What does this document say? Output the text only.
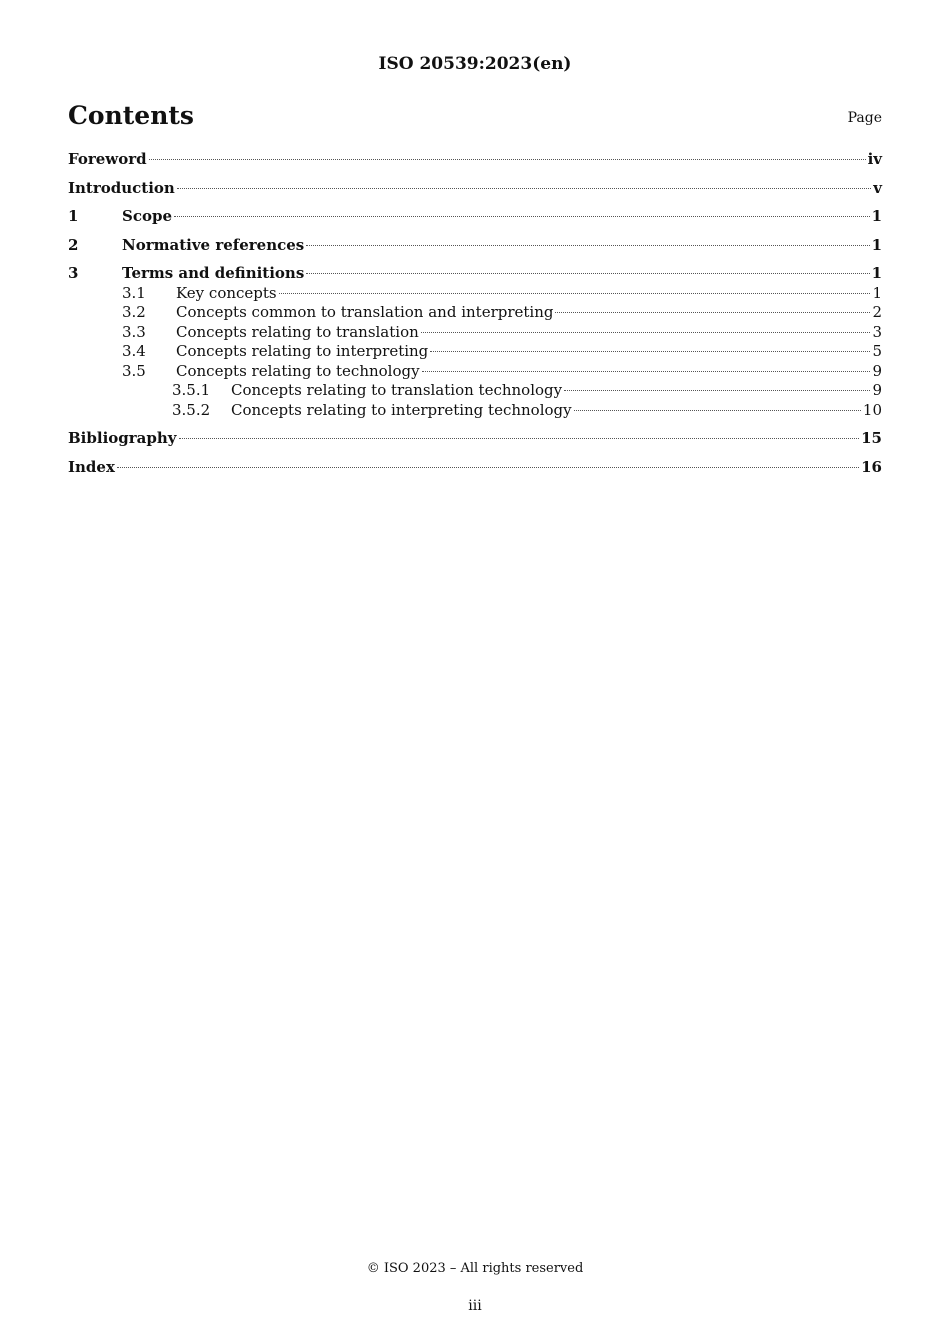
ISO 20539:2023(en)
Contents	Page
Foreword	iv
Introduction	v
1	Scope	1
2	Normative references	1
3	Terms and definitions	1
3.1	Key concepts	1
3.2	Concepts common to translation and interpreting	2
3.3	Concepts relating to translation	3
3.4	Concepts relating to interpreting	5
3.5	Concepts relating to technology	9
3.5.1	Concepts relating to translation technology	9
3.5.2	Concepts relating to interpreting technology	10
Bibliography	15
Index	16
© ISO 2023 – All rights reserved
iii
